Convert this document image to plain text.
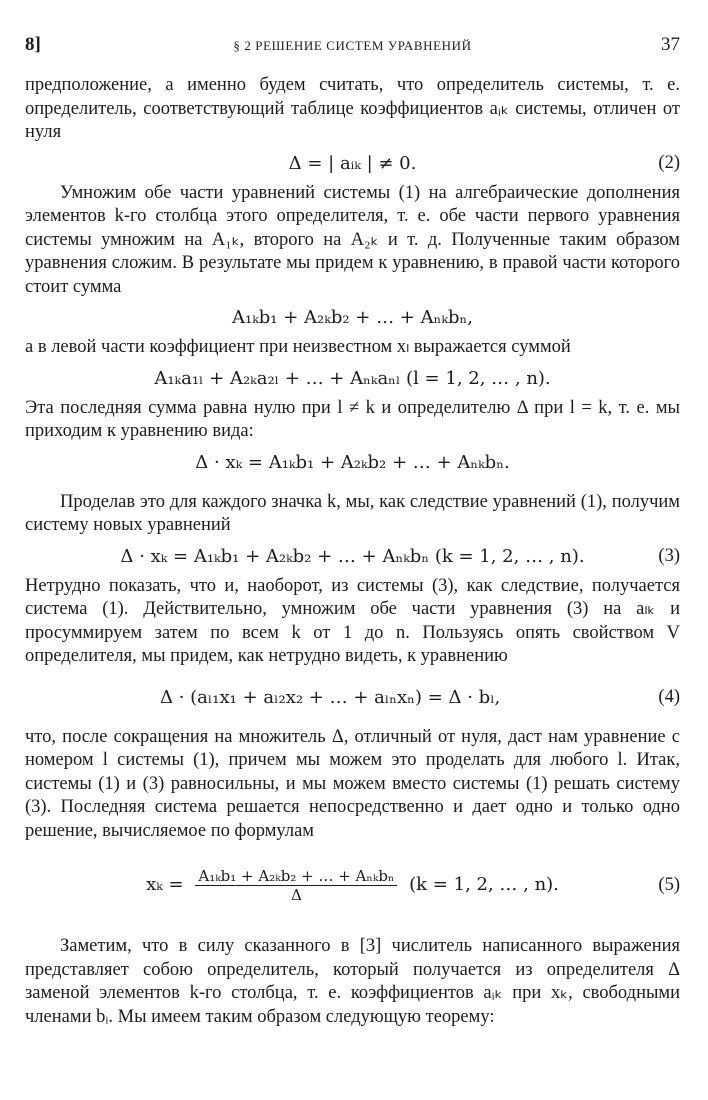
8]	§ 2 РЕШЕНИЕ СИСТЕМ УРАВНЕНИЙ	37

предположение, а именно будем считать, что определитель системы, т. е. определитель, соответствующий таблице коэффициентов aᵢₖ системы, отличен от нуля

Δ = | aᵢₖ | ≠ 0.	(2)

Умножим обе части уравнений системы (1) на алгебраические дополнения элементов k-го столбца этого определителя, т. е. обе части первого уравнения системы умножим на A₁ₖ, второго на A₂ₖ и т. д. Полученные таким образом уравнения сложим. В результате мы придем к уравнению, в правой части которого стоит сумма

A₁ₖb₁ + A₂ₖb₂ + … + Aₙₖbₙ,

а в левой части коэффициент при неизвестном xₗ выражается суммой

A₁ₖa₁ₗ + A₂ₖa₂ₗ + … + Aₙₖaₙₗ (l = 1, 2, … , n).

Эта последняя сумма равна нулю при l ≠ k и определителю Δ при l = k, т. е. мы приходим к уравнению вида:

Δ · xₖ = A₁ₖb₁ + A₂ₖb₂ + … + Aₙₖbₙ.

Проделав это для каждого значка k, мы, как следствие уравнений (1), получим систему новых уравнений

Δ · xₖ = A₁ₖb₁ + A₂ₖb₂ + … + Aₙₖbₙ (k = 1, 2, … , n).	(3)

Нетрудно показать, что и, наоборот, из системы (3), как следствие, получается система (1). Действительно, умножим обе части уравнения (3) на aₗₖ и просуммируем затем по всем k от 1 до n. Пользуясь опять свойством V определителя, мы придем, как нетрудно видеть, к уравнению

Δ · (aₗ₁x₁ + aₗ₂x₂ + … + aₗₙxₙ) = Δ · bₗ,	(4)

что, после сокращения на множитель Δ, отличный от нуля, даст нам уравнение с номером l системы (1), причем мы можем это проделать для любого l. Итак, системы (1) и (3) равносильны, и мы можем вместо системы (1) решать систему (3). Последняя система решается непосредственно и дает одно и только одно решение, вычисляемое по формулам

$x_k = \frac{\text{A₁ₖb₁ + A₂ₖb₂ + … + Aₙₖbₙ}}{\Delta} (k = 1$, 2, … , n).	(5)

Заметим, что в силу сказанного в [3] числитель написанного выражения представляет собою определитель, который получается из определителя Δ заменой элементов k-го столбца, т. е. коэффициентов aᵢₖ при xₖ, свободными членами bᵢ. Мы имеем таким образом следующую теорему:
